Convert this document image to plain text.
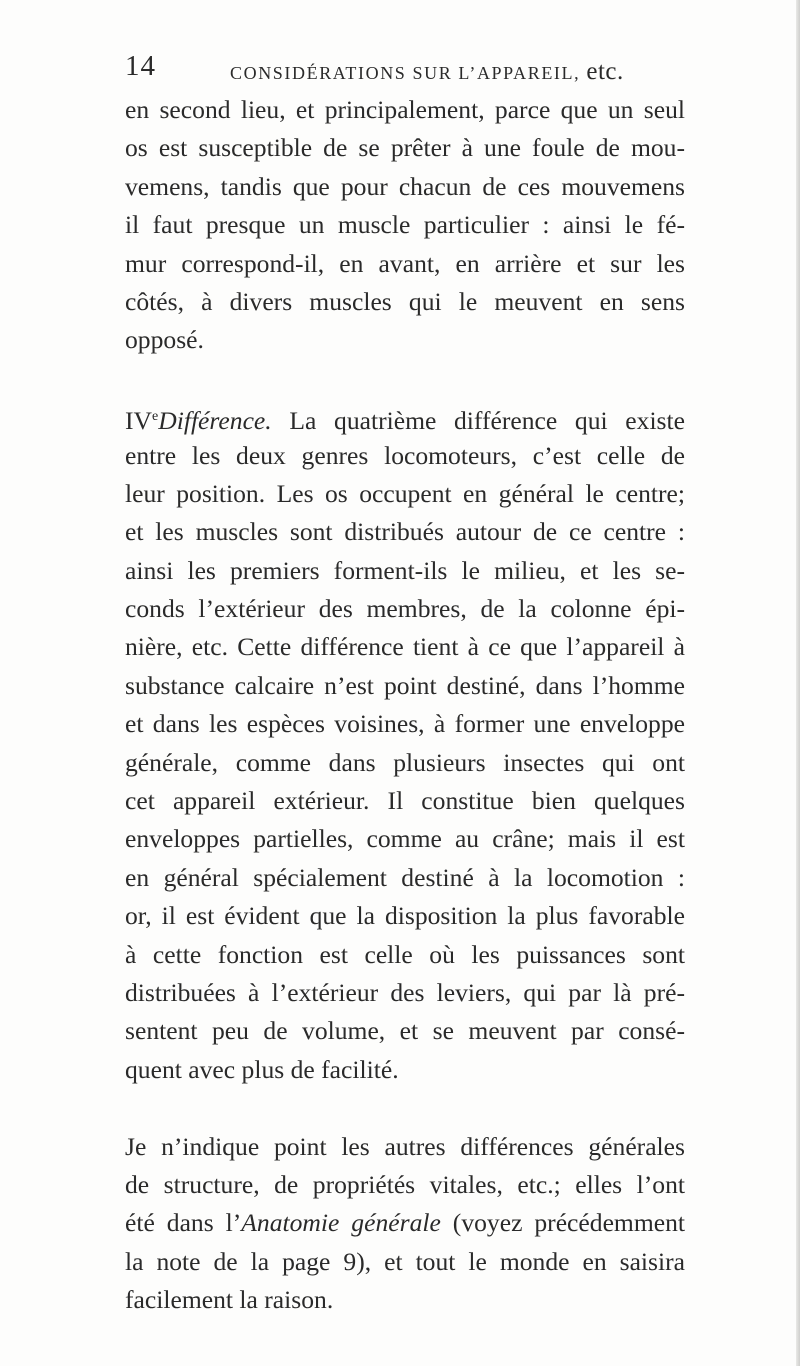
14	CONSIDÉRATIONS SUR L’APPAREIL, etc.
en second lieu, et principalement, parce que un seul
os est susceptible de se prêter à une foule de mou-
vemens, tandis que pour chacun de ces mouvemens
il faut presque un muscle particulier : ainsi le fé-
mur correspond-il, en avant, en arrière et sur les
côtés, à divers muscles qui le meuvent en sens
opposé.
IVeDifférence. La quatrième différence qui existe
entre les deux genres locomoteurs, c’est celle de
leur position. Les os occupent en général le centre;
et les muscles sont distribués autour de ce centre :
ainsi les premiers forment-ils le milieu, et les se-
conds l’extérieur des membres, de la colonne épi-
nière, etc. Cette différence tient à ce que l’appareil à
substance calcaire n’est point destiné, dans l’homme
et dans les espèces voisines, à former une enveloppe
générale, comme dans plusieurs insectes qui ont
cet appareil extérieur. Il constitue bien quelques
enveloppes partielles, comme au crâne; mais il est
en général spécialement destiné à la locomotion :
or, il est évident que la disposition la plus favorable
à cette fonction est celle où les puissances sont
distribuées à l’extérieur des leviers, qui par là pré-
sentent peu de volume, et se meuvent par consé-
quent avec plus de facilité.
Je n’indique point les autres différences générales
de structure, de propriétés vitales, etc.; elles l’ont
été dans l’Anatomie générale (voyez précédemment
la note de la page 9), et tout le monde en saisira
facilement la raison.
